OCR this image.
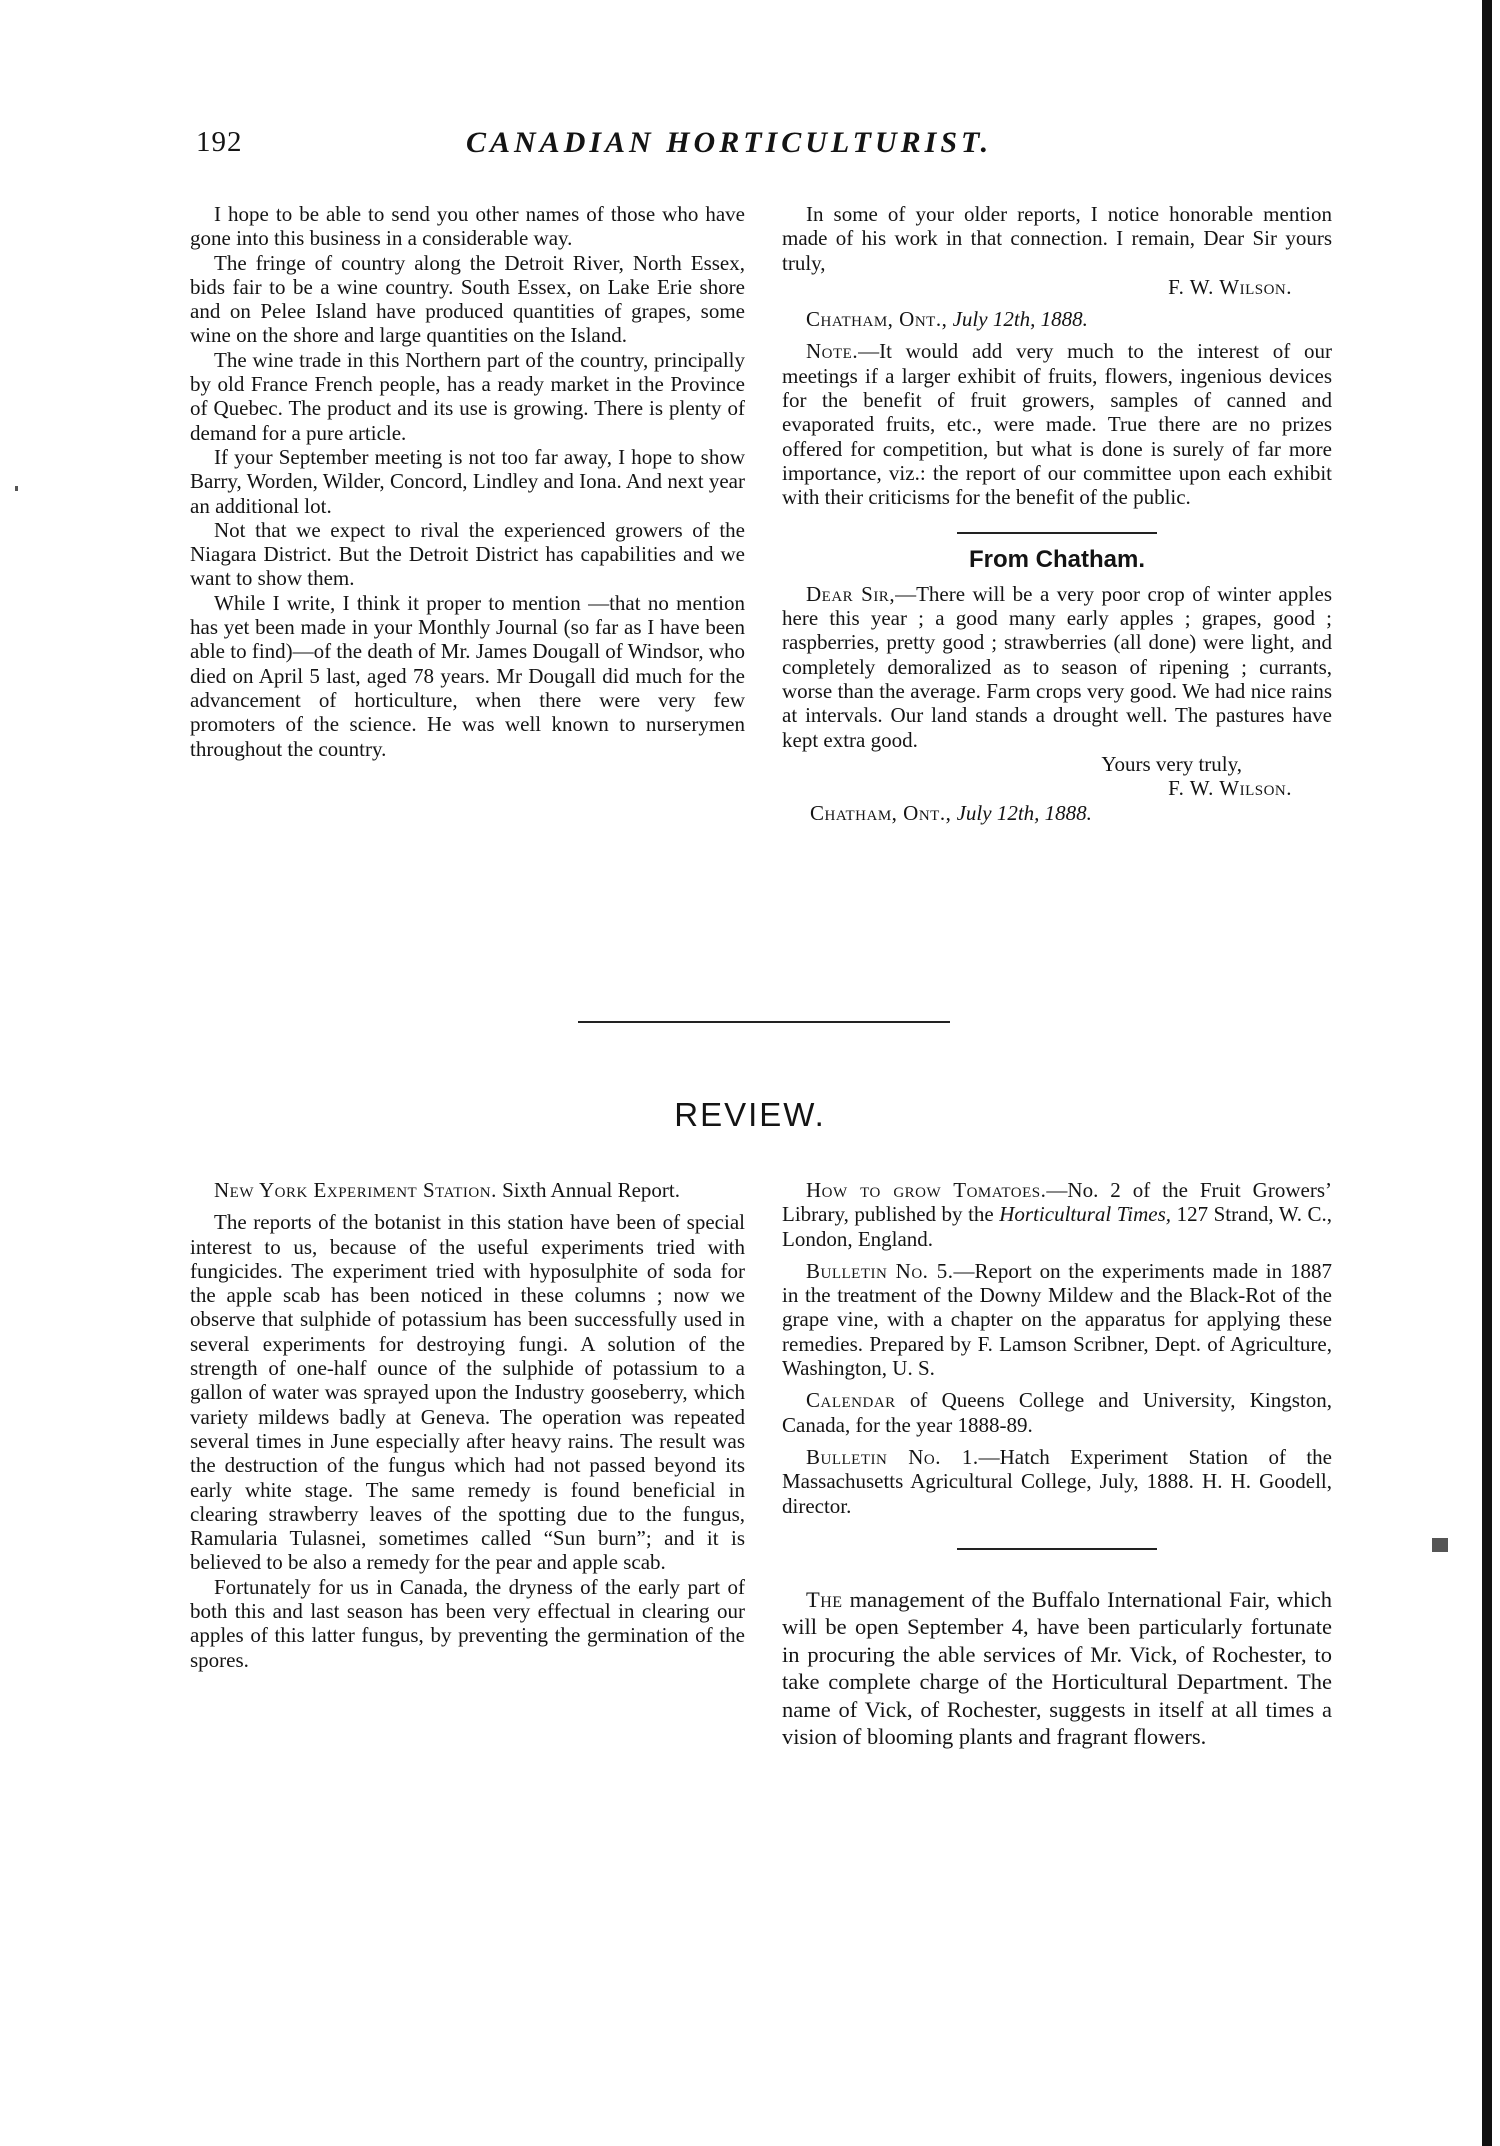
192	CANADIAN HORTICULTURIST.

I hope to be able to send you other names of those who have gone into this business in a considerable way.

The fringe of country along the Detroit River, North Essex, bids fair to be a wine country. South Essex, on Lake Erie shore and on Pelee Island have produced quantities of grapes, some wine on the shore and large quantities on the Island.

The wine trade in this Northern part of the country, principally by old France French people, has a ready market in the Province of Quebec. The product and its use is growing. There is plenty of demand for a pure article.

If your September meeting is not too far away, I hope to show Barry, Worden, Wilder, Concord, Lindley and Iona. And next year an additional lot.

Not that we expect to rival the experienced growers of the Niagara District. But the Detroit District has capabilities and we want to show them.

While I write, I think it proper to mention —that no mention has yet been made in your Monthly Journal (so far as I have been able to find)—of the death of Mr. James Dougall of Windsor, who died on April 5 last, aged 78 years. Mr Dougall did much for the advancement of horticulture, when there were very few promoters of the science. He was well known to nurserymen throughout the country.

In some of your older reports, I notice honorable mention made of his work in that connection. I remain, Dear Sir yours truly,

F. W. Wilson.

Chatham, Ont., July 12th, 1888.

Note.—It would add very much to the interest of our meetings if a larger exhibit of fruits, flowers, ingenious devices for the benefit of fruit growers, samples of canned and evaporated fruits, etc., were made. True there are no prizes offered for competition, but what is done is surely of far more importance, viz.: the report of our committee upon each exhibit with their criticisms for the benefit of the public.

From Chatham.

Dear Sir,—There will be a very poor crop of winter apples here this year ; a good many early apples ; grapes, good ; raspberries, pretty good ; strawberries (all done) were light, and completely demoralized as to season of ripening ; currants, worse than the average. Farm crops very good. We had nice rains at intervals. Our land stands a drought well. The pastures have kept extra good.

Yours very truly,

F. W. Wilson.

Chatham, Ont., July 12th, 1888.

REVIEW.

New York Experiment Station. Sixth Annual Report.

The reports of the botanist in this station have been of special interest to us, because of the useful experiments tried with fungicides. The experiment tried with hyposulphite of soda for the apple scab has been noticed in these columns ; now we observe that sulphide of potassium has been successfully used in several experiments for destroying fungi. A solution of the strength of one-half ounce of the sulphide of potassium to a gallon of water was sprayed upon the Industry gooseberry, which variety mildews badly at Geneva. The operation was repeated several times in June especially after heavy rains. The result was the destruction of the fungus which had not passed beyond its early white stage. The same remedy is found beneficial in clearing strawberry leaves of the spotting due to the fungus, Ramularia Tulasnei, sometimes called “Sun burn”; and it is believed to be also a remedy for the pear and apple scab.

Fortunately for us in Canada, the dryness of the early part of both this and last season has been very effectual in clearing our apples of this latter fungus, by preventing the germination of the spores.

How to grow Tomatoes.—No. 2 of the Fruit Growers’ Library, published by the Horticultural Times, 127 Strand, W. C., London, England.

Bulletin No. 5.—Report on the experiments made in 1887 in the treatment of the Downy Mildew and the Black-Rot of the grape vine, with a chapter on the apparatus for applying these remedies. Prepared by F. Lamson Scribner, Dept. of Agriculture, Washington, U. S.

Calendar of Queens College and University, Kingston, Canada, for the year 1888-89.

Bulletin No. 1.—Hatch Experiment Station of the Massachusetts Agricultural College, July, 1888. H. H. Goodell, director.

The management of the Buffalo International Fair, which will be open September 4, have been particularly fortunate in procuring the able services of Mr. Vick, of Rochester, to take complete charge of the Horticultural Department. The name of Vick, of Rochester, suggests in itself at all times a vision of blooming plants and fragrant flowers.
